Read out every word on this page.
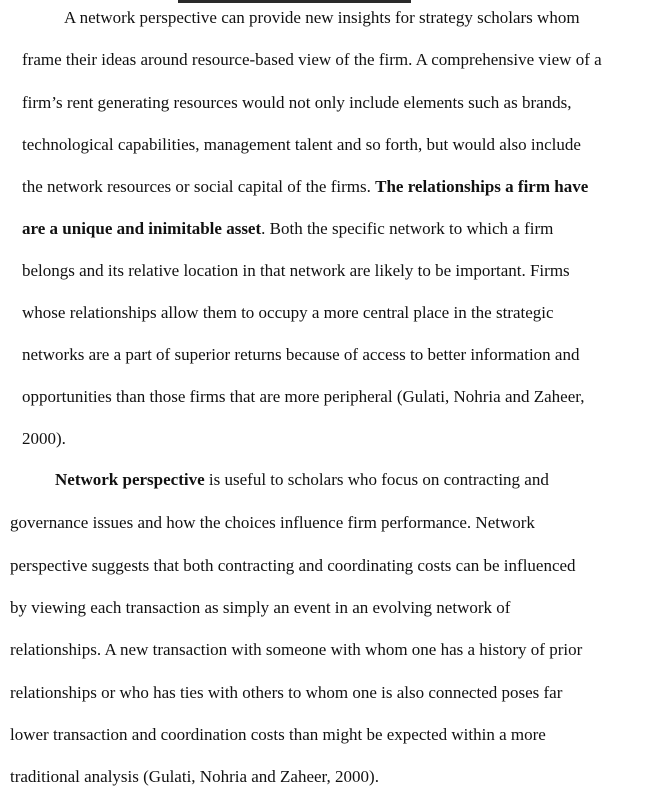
A network perspective can provide new insights for strategy scholars whom
frame their ideas around resource-based view of the firm. A comprehensive view of a
firm’s rent generating resources would not only include elements such as brands,
technological capabilities, management talent and so forth, but would also include
the network resources or social capital of the firms. The relationships a firm have
are a unique and inimitable asset. Both the specific network to which a firm
belongs and its relative location in that network are likely to be important. Firms
whose relationships allow them to occupy a more central place in the strategic
networks are a part of superior returns because of access to better information and
opportunities than those firms that are more peripheral (Gulati, Nohria and Zaheer,
2000).
Network perspective is useful to scholars who focus on contracting and
governance issues and how the choices influence firm performance. Network
perspective suggests that both contracting and coordinating costs can be influenced
by viewing each transaction as simply an event in an evolving network of
relationships. A new transaction with someone with whom one has a history of prior
relationships or who has ties with others to whom one is also connected poses far
lower transaction and coordination costs than might be expected within a more
traditional analysis (Gulati, Nohria and Zaheer, 2000).
